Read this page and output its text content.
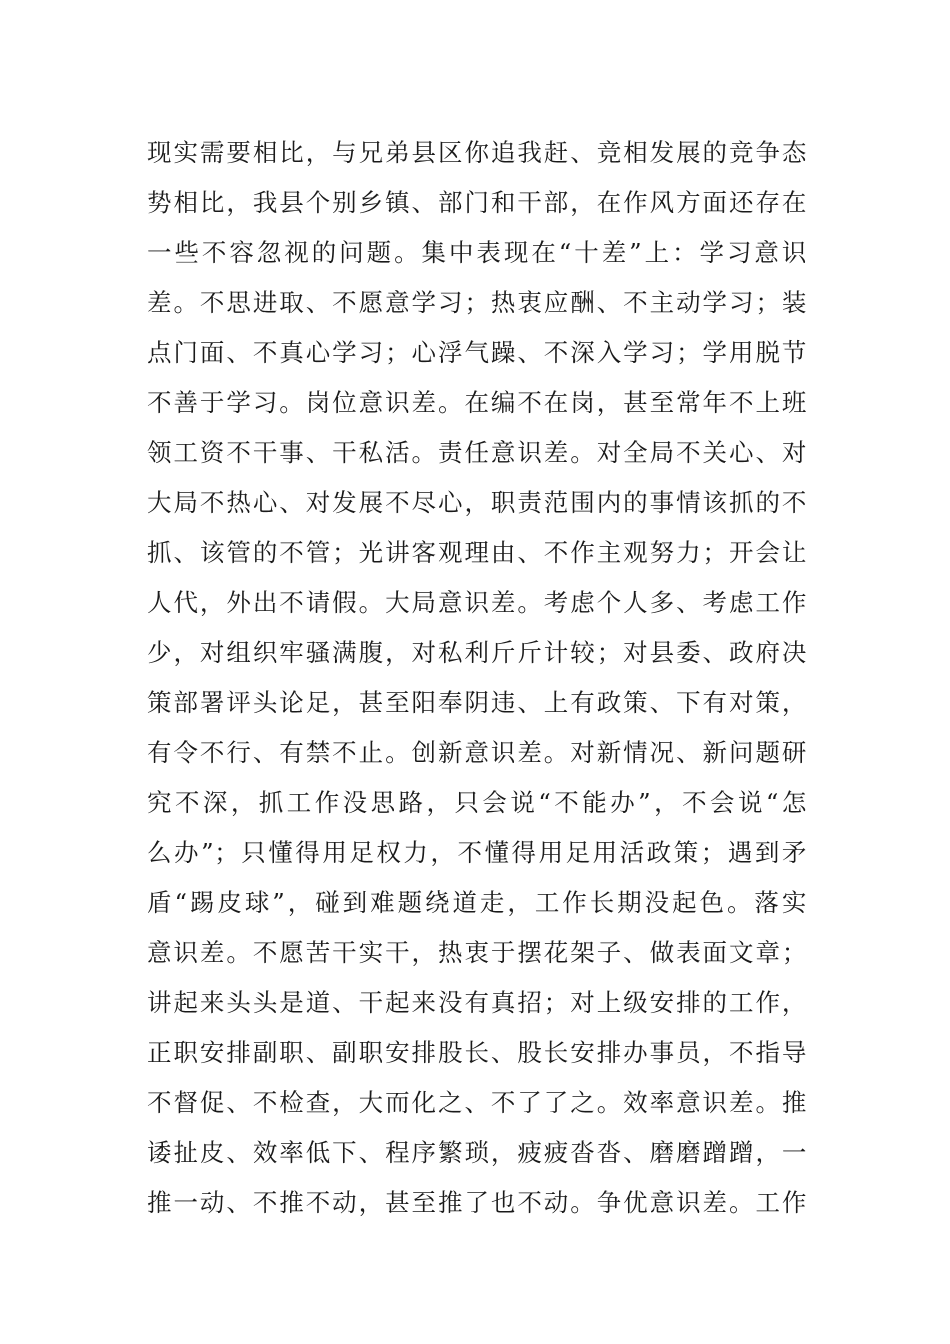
现实需要相比，与兄弟县区你追我赶、竞相发展的竞争态
势相比，我县个别乡镇、部门和干部，在作风方面还存在
一些不容忽视的问题。集中表现在“十差”上：学习意识
差。不思进取、不愿意学习；热衷应酬、不主动学习；装
点门面、不真心学习；心浮气躁、不深入学习；学用脱节
不善于学习。岗位意识差。在编不在岗，甚至常年不上班
领工资不干事、干私活。责任意识差。对全局不关心、对
大局不热心、对发展不尽心，职责范围内的事情该抓的不
抓、该管的不管；光讲客观理由、不作主观努力；开会让
人代，外出不请假。大局意识差。考虑个人多、考虑工作
少，对组织牢骚满腹，对私利斤斤计较；对县委、政府决
策部署评头论足，甚至阳奉阴违、上有政策、下有对策，
有令不行、有禁不止。创新意识差。对新情况、新问题研
究不深，抓工作没思路，只会说“不能办”，不会说“怎
么办”；只懂得用足权力，不懂得用足用活政策；遇到矛
盾“踢皮球”，碰到难题绕道走，工作长期没起色。落实
意识差。不愿苦干实干，热衷于摆花架子、做表面文章；
讲起来头头是道、干起来没有真招；对上级安排的工作，
正职安排副职、副职安排股长、股长安排办事员，不指导
不督促、不检查，大而化之、不了了之。效率意识差。推
诿扯皮、效率低下、程序繁琐，疲疲沓沓、磨磨蹭蹭，一
推一动、不推不动，甚至推了也不动。争优意识差。工作
